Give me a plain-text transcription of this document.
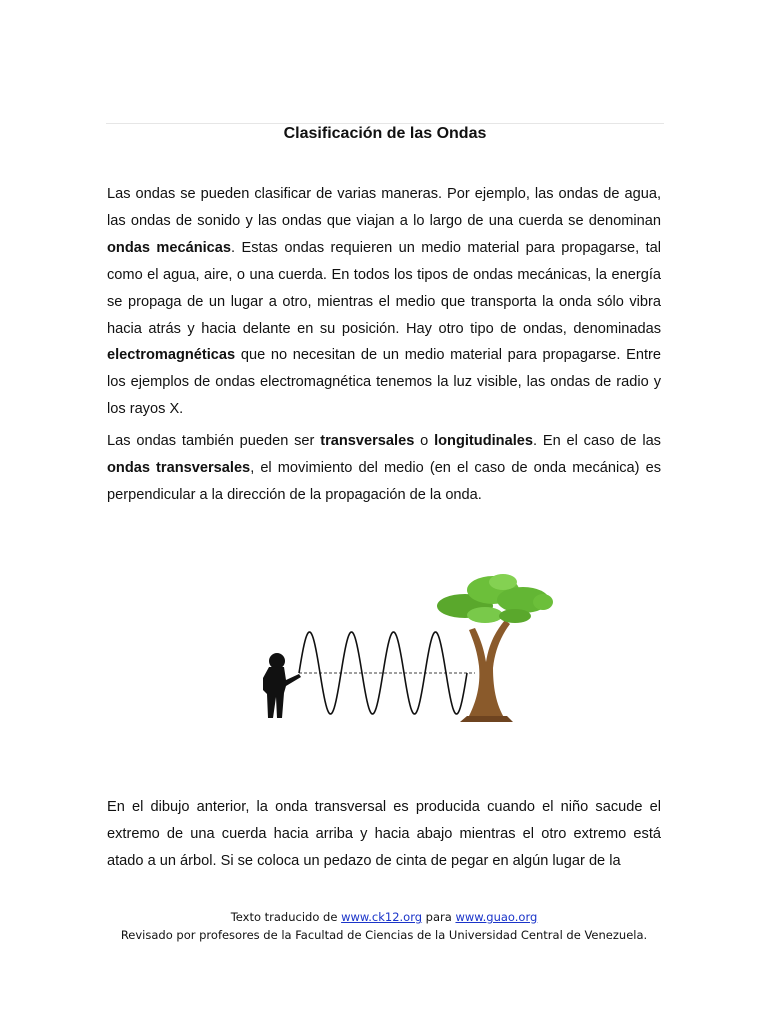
Clasificación de las Ondas

Las ondas se pueden clasificar de varias maneras. Por ejemplo, las ondas de agua, las ondas de sonido y las ondas que viajan a lo largo de una cuerda se denominan ondas mecánicas. Estas ondas requieren un medio material para propagarse, tal como el agua, aire, o una cuerda. En todos los tipos de ondas mecánicas, la energía se propaga de un lugar a otro, mientras el medio que transporta la onda sólo vibra hacia atrás y hacia delante en su posición. Hay otro tipo de ondas, denominadas electromagnéticas que no necesitan de un medio material para propagarse. Entre los ejemplos de ondas electromagnética tenemos la luz visible, las ondas de radio y los rayos X.

Las ondas también pueden ser transversales o longitudinales. En el caso de las ondas transversales, el movimiento del medio (en el caso de onda mecánica) es perpendicular a la dirección de la propagación de la onda.

En el dibujo anterior, la onda transversal es producida cuando el niño sacude el extremo de una cuerda hacia arriba y hacia abajo mientras el otro extremo está atado a un árbol. Si se coloca un pedazo de cinta de pegar en algún lugar de la

Texto traducido de www.ck12.org para www.guao.org
Revisado por profesores de la Facultad de Ciencias de la Universidad Central de Venezuela.
